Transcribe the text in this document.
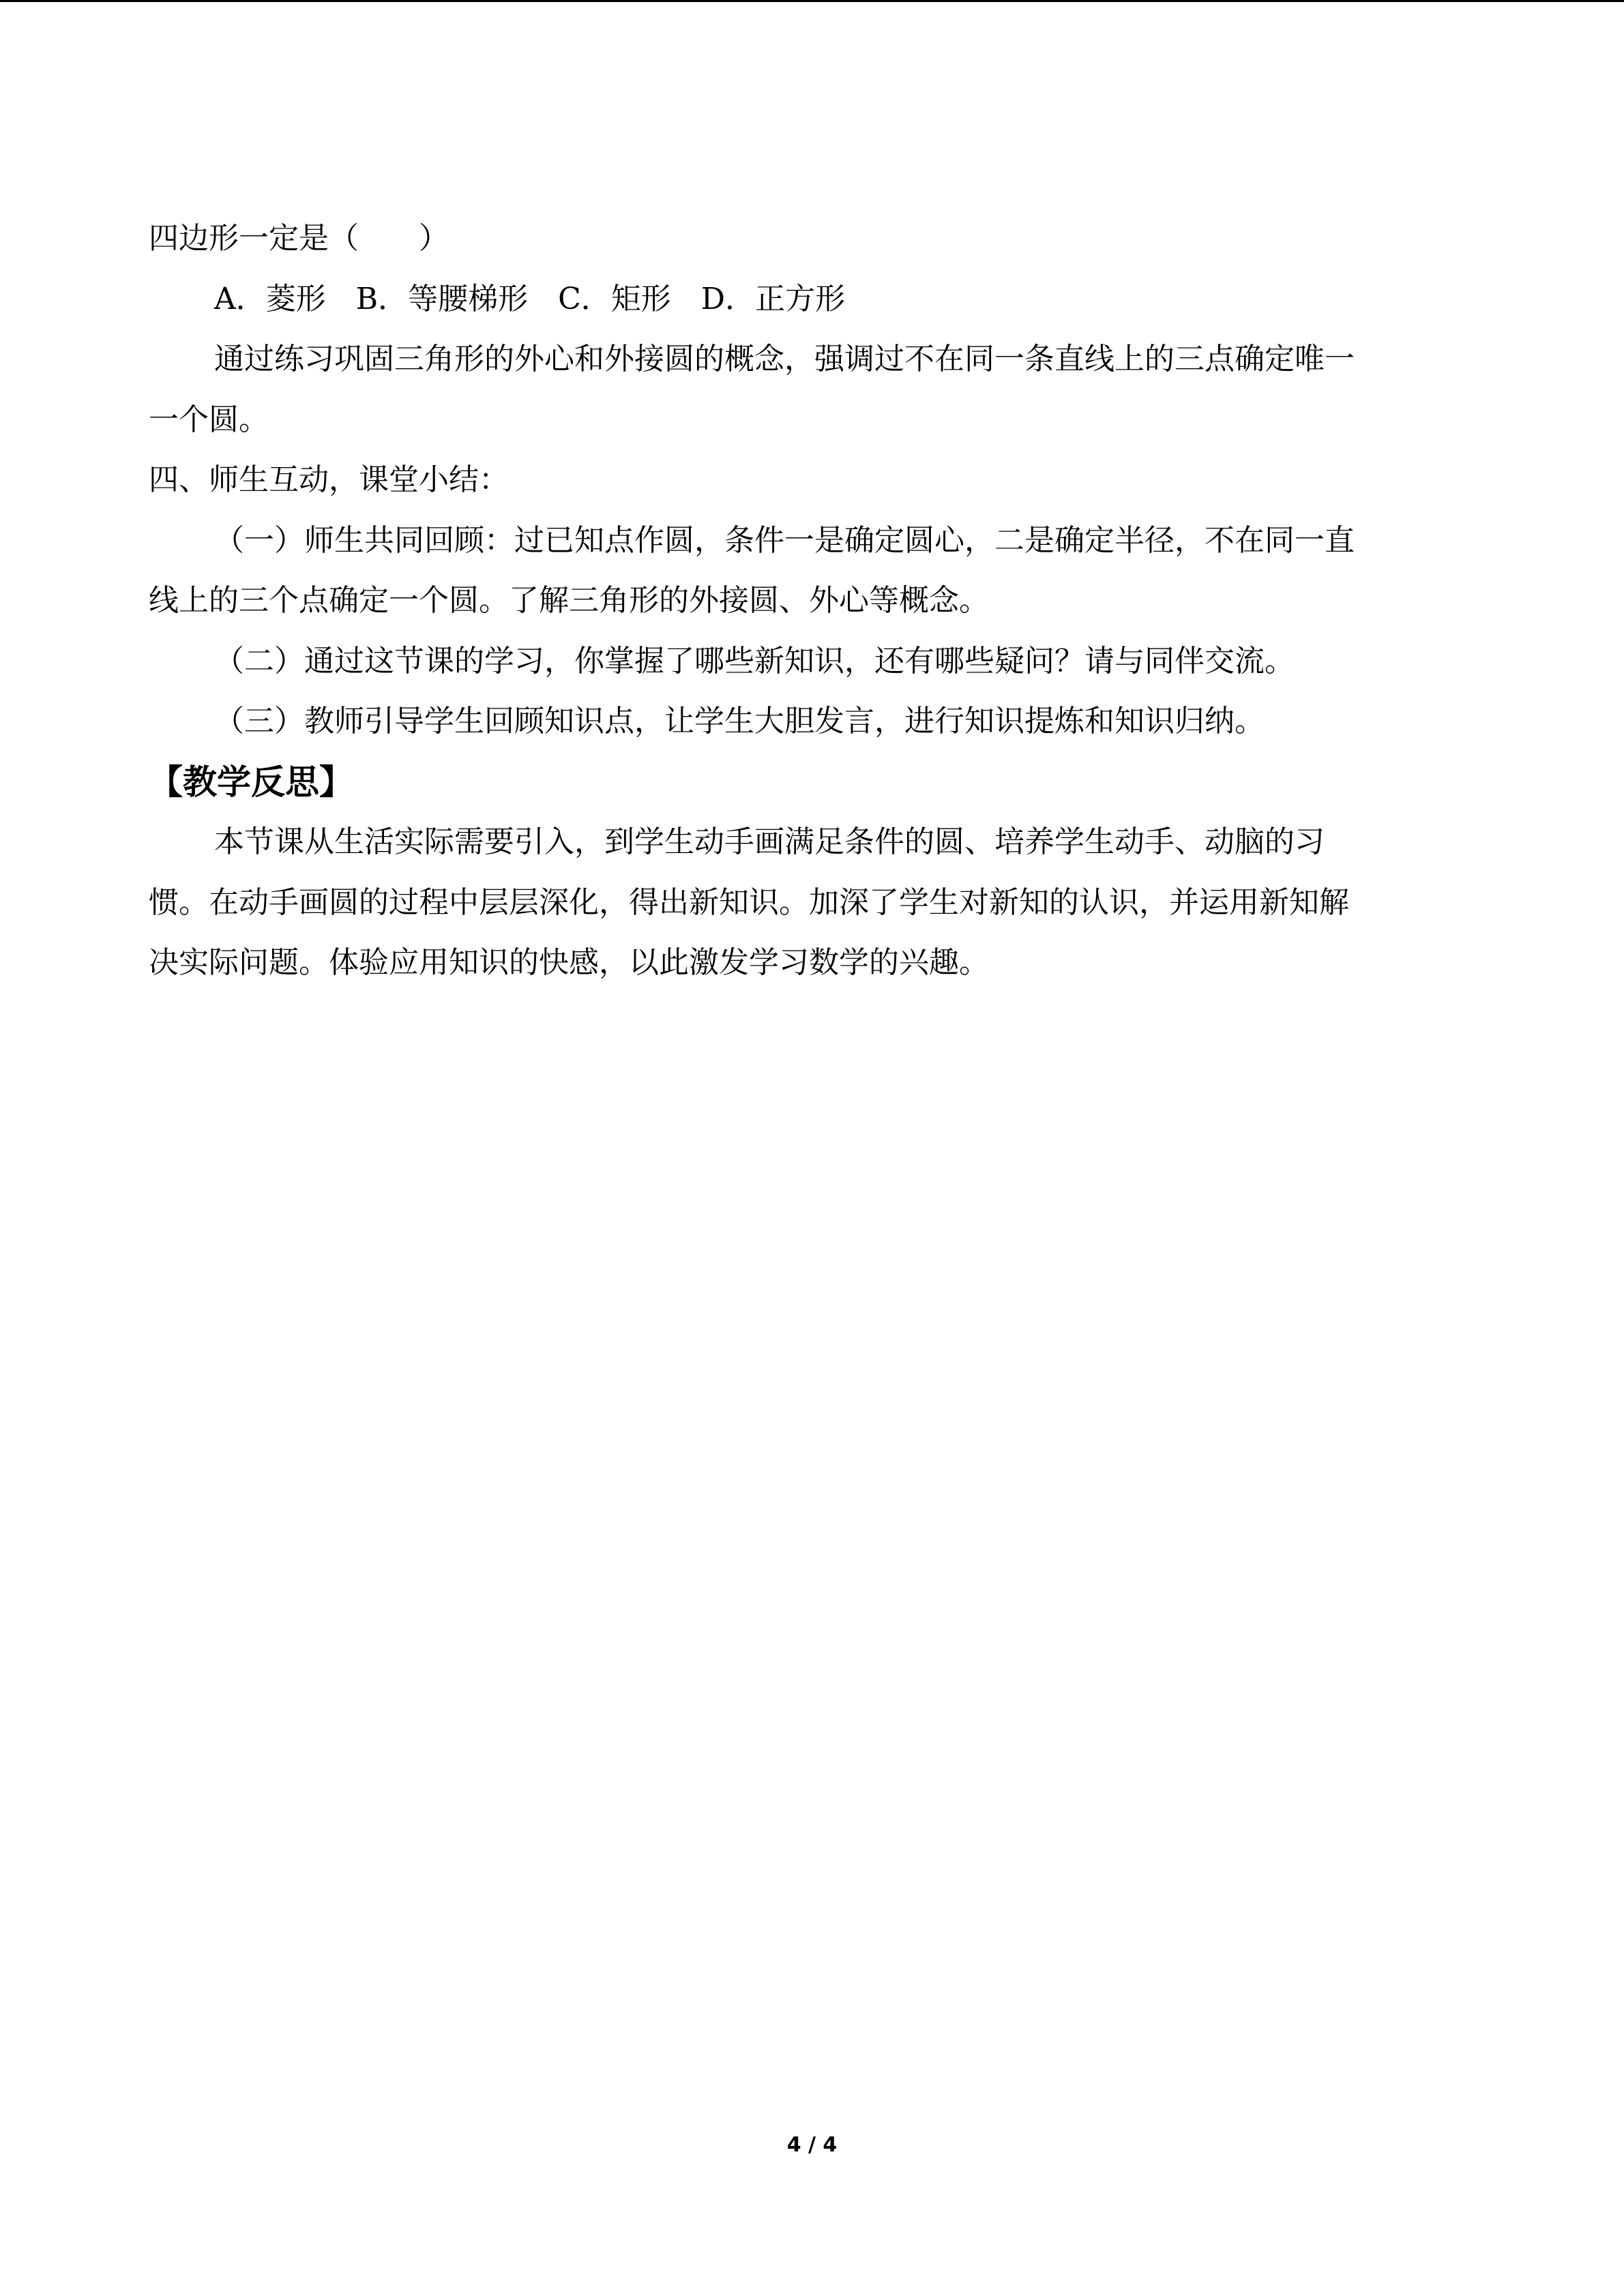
四边形一定是（　　）
A．菱形 B．等腰梯形 C．矩形 D．正方形
通过练习巩固三角形的外心和外接圆的概念，强调过不在同一条直线上的三点确定唯一
一个圆。
四、师生互动，课堂小结：
（一）师生共同回顾：过已知点作圆，条件一是确定圆心，二是确定半径，不在同一直
线上的三个点确定一个圆。了解三角形的外接圆、外心等概念。
（二）通过这节课的学习，你掌握了哪些新知识，还有哪些疑问？请与同伴交流。
（三）教师引导学生回顾知识点，让学生大胆发言，进行知识提炼和知识归纳。
【教学反思】
本节课从生活实际需要引入，到学生动手画满足条件的圆、培养学生动手、动脑的习
惯。在动手画圆的过程中层层深化，得出新知识。加深了学生对新知的认识，并运用新知解
决实际问题。体验应用知识的快感，以此激发学习数学的兴趣。
4 / 4
